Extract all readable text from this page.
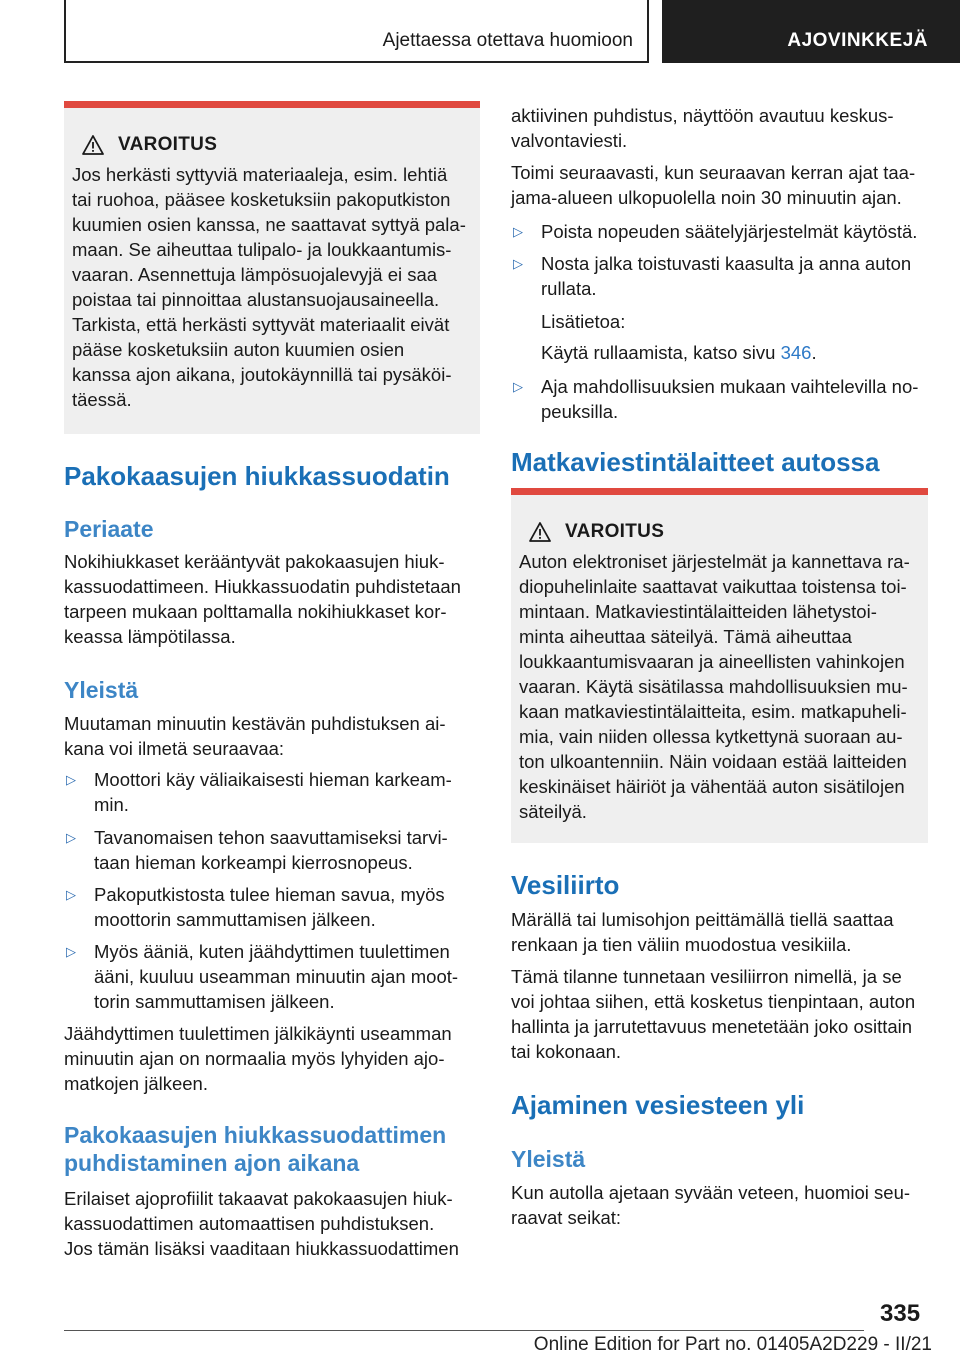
Ajettaessa otettava huomioon	AJOVINKKEJÄ
VAROITUS
Jos herkästi syttyviä materiaaleja, esim. lehtiä
tai ruohoa, pääsee kosketuksiin pakoputkiston
kuumien osien kanssa, ne saattavat syttyä pala-
maan. Se aiheuttaa tulipalo- ja loukkaantumis-
vaaran. Asennettuja lämpösuojalevyjä ei saa
poistaa tai pinnoittaa alustansuojausaineella.
Tarkista, että herkästi syttyvät materiaalit eivät
pääse kosketuksiin auton kuumien osien
kanssa ajon aikana, joutokäynnillä tai pysäköi-
täessä.
Pakokaasujen hiukkassuodatin
Periaate

Nokihiukkaset kerääntyvät pakokaasujen hiuk-

kassuodattimeen. Hiukkassuodatin puhdistetaan

tarpeen mukaan polttamalla nokihiukkaset kor-

keassa lämpötilassa.

Yleistä

Muutaman minuutin kestävän puhdistuksen ai-

kana voi ilmetä seuraavaa:

▷ Moottori käy väliaikaisesti hieman karkeam-
min.
▷ Tavanomaisen tehon saavuttamiseksi tarvi-
taan hieman korkeampi kierrosnopeus.
▷ Pakoputkistosta tulee hieman savua, myös
moottorin sammuttamisen jälkeen.
▷ Myös ääniä, kuten jäähdyttimen tuulettimen
ääni, kuuluu useamman minuutin ajan moot-
torin sammuttamisen jälkeen.

Jäähdyttimen tuulettimen jälkikäynti useamman

minuutin ajan on normaalia myös lyhyiden ajo-

matkojen jälkeen.

Pakokaasujen hiukkassuodattimen
puhdistaminen ajon aikana

Erilaiset ajoprofiilit takaavat pakokaasujen hiuk-

kassuodattimen automaattisen puhdistuksen.

Jos tämän lisäksi vaaditaan hiukkassuodattimen

aktiivinen puhdistus, näyttöön avautuu keskus-

valvontaviesti.

Toimi seuraavasti, kun seuraavan kerran ajat taa-

jama-alueen ulkopuolella noin 30 minuutin ajan.

▷ Poista nopeuden säätelyjärjestelmät käytöstä.
▷ Nosta jalka toistuvasti kaasulta ja anna auton
rullata.
Lisätietoa:
Käytä rullaamista, katso sivu 346.
▷ Aja mahdollisuuksien mukaan vaihtelevilla no-
peuksilla.
Matkaviestintälaitteet autossa
VAROITUS
Auton elektroniset järjestelmät ja kannettava ra-
diopuhelinlaite saattavat vaikuttaa toistensa toi-
mintaan. Matkaviestintälaitteiden lähetystoi-
minta aiheuttaa säteilyä. Tämä aiheuttaa
loukkaantumisvaaran ja aineellisten vahinkojen
vaaran. Käytä sisätilassa mahdollisuuksien mu-
kaan matkaviestintälaitteita, esim. matkapuheli-
mia, vain niiden ollessa kytkettynä suoraan au-
ton ulkoantenniin. Näin voidaan estää laitteiden
keskinäiset häiriöt ja vähentää auton sisätilojen
säteilyä.
Vesiliirto

Märällä tai lumisohjon peittämällä tiellä saattaa

renkaan ja tien väliin muodostua vesikiila.

Tämä tilanne tunnetaan vesiliirron nimellä, ja se

voi johtaa siihen, että kosketus tienpintaan, auton

hallinta ja jarrutettavuus menetetään joko osittain

tai kokonaan.

Ajaminen vesiesteen yli
Yleistä

Kun autolla ajetaan syvään veteen, huomioi seu-

raavat seikat:

335
Online Edition for Part no. 01405A2D229 - II/21
